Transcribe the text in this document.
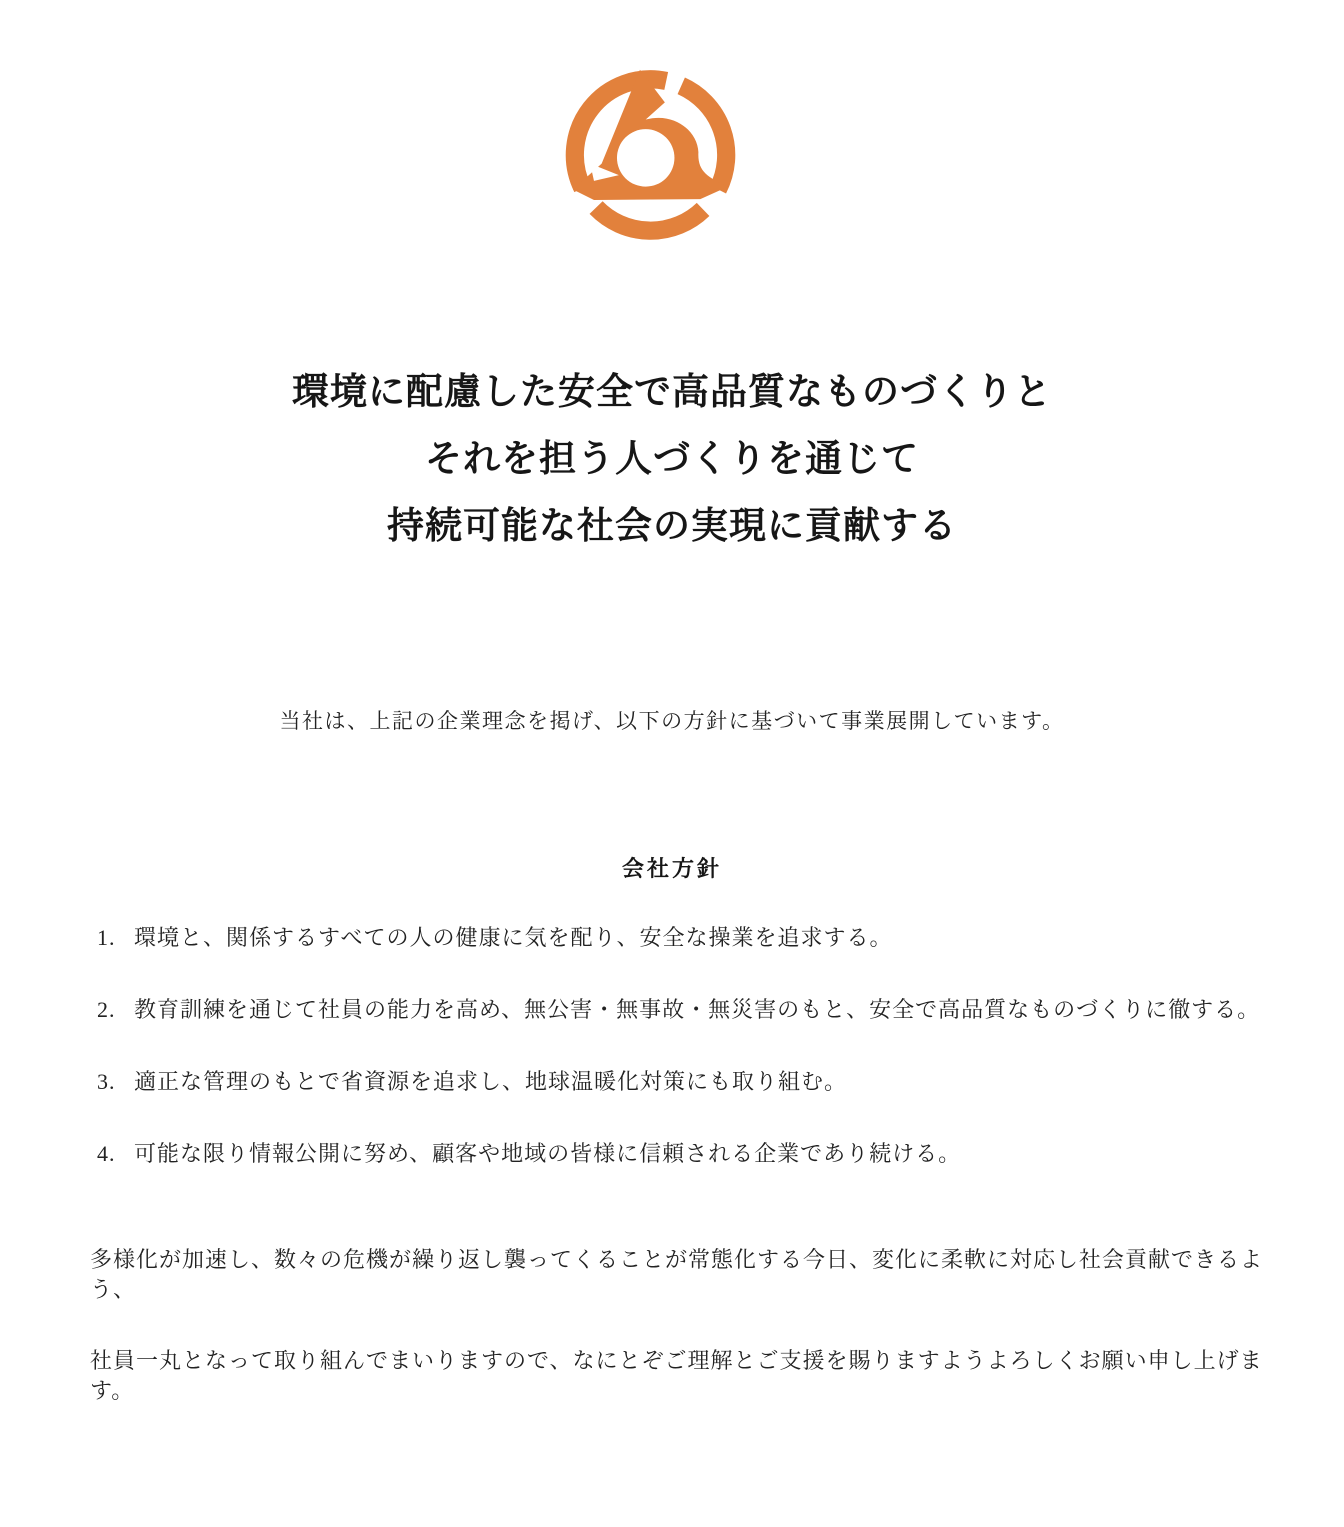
環境に配慮した安全で高品質なものづくりと
それを担う人づくりを通じて
持続可能な社会の実現に貢献する

当社は、上記の企業理念を掲げ、以下の方針に基づいて事業展開しています。

会社方針
1. 環境と、関係するすべての人の健康に気を配り、安全な操業を追求する。
2. 教育訓練を通じて社員の能力を高め、無公害・無事故・無災害のもと、安全で高品質なものづくりに徹する。
3. 適正な管理のもとで省資源を追求し、地球温暖化対策にも取り組む。
4. 可能な限り情報公開に努め、顧客や地域の皆様に信頼される企業であり続ける。

多様化が加速し、数々の危機が繰り返し襲ってくることが常態化する今日、変化に柔軟に対応し社会貢献できるよう、

社員一丸となって取り組んでまいりますので、なにとぞご理解とご支援を賜りますようよろしくお願い申し上げます。
